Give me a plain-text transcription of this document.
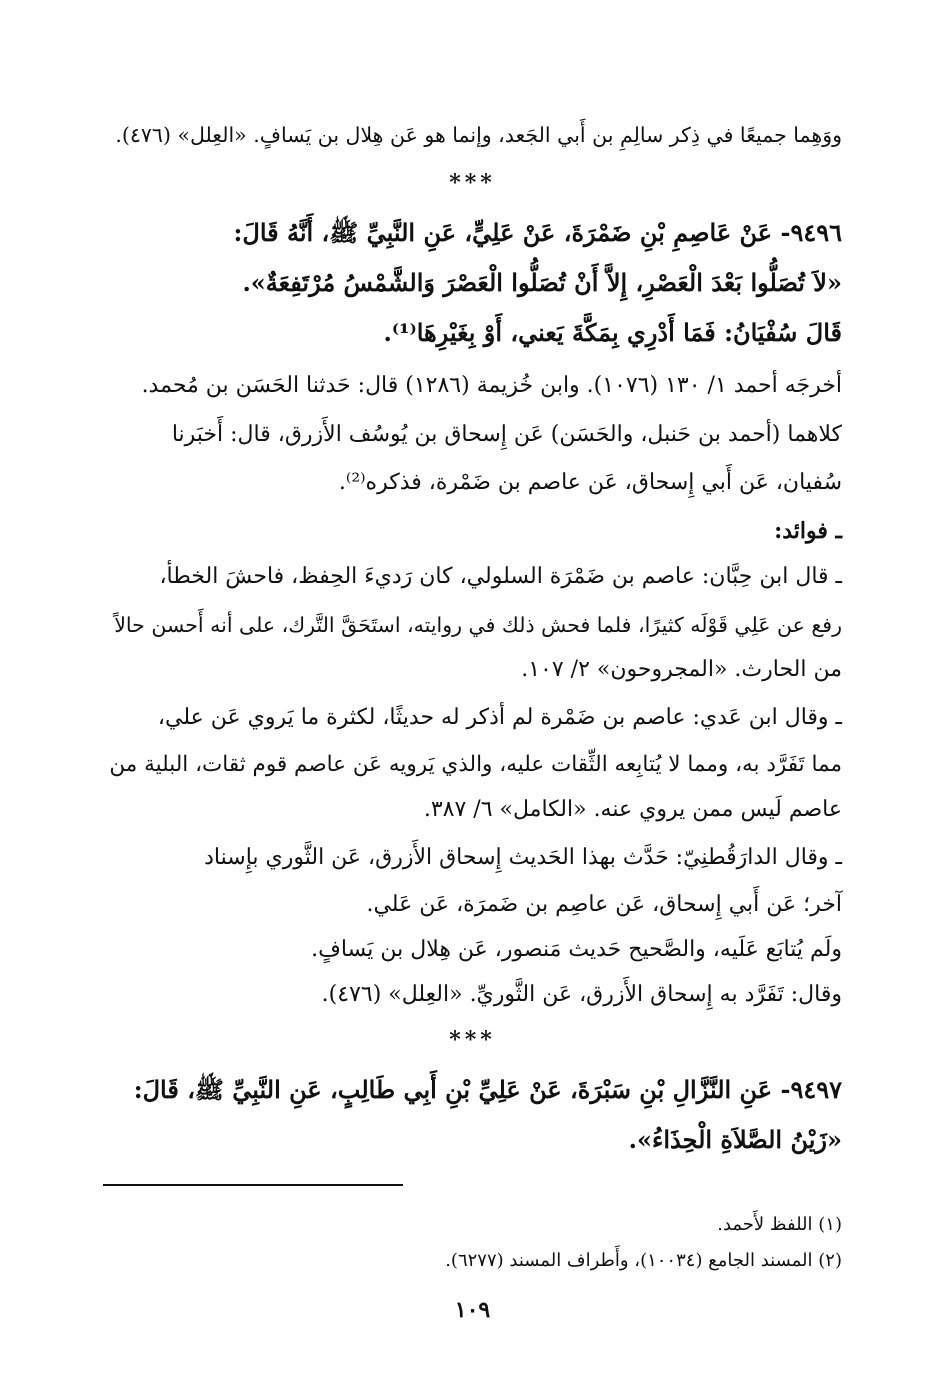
ووَهِما جميعًا في ذِكر سالِمِ بن أَبي الجَعد، وإنما هو عَن هِلال بن يَسافٍ. «العِلل» (٤٧٦).
***
٩٤٩٦- عَنْ عَاصِمِ بْنِ ضَمْرَةَ، عَنْ عَلِيٍّ، عَنِ النَّبِيِّ ﷺ، أَنَّهُ قَالَ:
«لاَ تُصَلُّوا بَعْدَ الْعَصْرِ، إِلاَّ أَنْ تُصَلُّوا الْعَصْرَ وَالشَّمْسُ مُرْتَفِعَةٌ».
قَالَ سُفْيَانُ: فَمَا أَدْرِي بِمَكَّةَ يَعني، أَوْ بِغَيْرِهَا⁽¹⁾.
أخرجَه أحمد ١/ ١٣٠ (١٠٧٦). وابن خُزيمة (١٢٨٦) قال: حَدثنا الحَسَن بن مُحمد.
كلاهما (أحمد بن حَنبل، والحَسَن) عَن إِسحاق بن يُوسُف الأَزرق، قال: أَخبَرنا
سُفيان، عَن أَبي إِسحاق، عَن عاصم بن ضَمْرة، فذكره⁽²⁾.
ـ فوائد:
ـ قال ابن حِبَّان: عاصم بن ضَمْرَة السلولي، كان رَديءَ الحِفظ، فاحشَ الخطأ،
رفع عن عَلِي قَوْلَه كثيرًا، فلما فحش ذلك في روايته، استَحَقَّ التَّرك، على أنه أَحسن حالاً
من الحارث. «المجروحون» ٢/ ١٠٧.
ـ وقال ابن عَدي: عاصم بن ضَمْرة لم أذكر له حديثًا، لكثرة ما يَروي عَن علي،
مما تَفَرَّد به، ومما لا يُتابِعه الثِّقات عليه، والذي يَرويه عَن عاصم قوم ثقات، البلية من
عاصم لَيس ممن يروي عنه. «الكامل» ٦/ ٣٨٧.
ـ وقال الدارَقُطنِيّ: حَدَّث بهذا الحَديث إِسحاق الأَزرق، عَن الثَّوري بإِسناد
آخر؛ عَن أَبي إِسحاق، عَن عاصِم بن ضَمرَة، عَن عَلي.
ولَم يُتابَع عَلَيه، والصَّحيح حَديث مَنصور، عَن هِلال بن يَسافٍ.
وقال: تَفَرَّد به إِسحاق الأَزرق، عَن الثَّوريِّ. «العِلل» (٤٧٦).
***
٩٤٩٧- عَنِ النَّزَّالِ بْنِ سَبْرَةَ، عَنْ عَلِيِّ بْنِ أَبِي طَالِبٍ، عَنِ النَّبِيِّ ﷺ، قَالَ:
«زَيْنُ الصَّلاَةِ الْحِذَاءُ».
(١) اللفظ لأَحمد.
(٢) المسند الجامع (١٠٠٣٤)، وأَطراف المسند (٦٢٧٧).
١٠٩
